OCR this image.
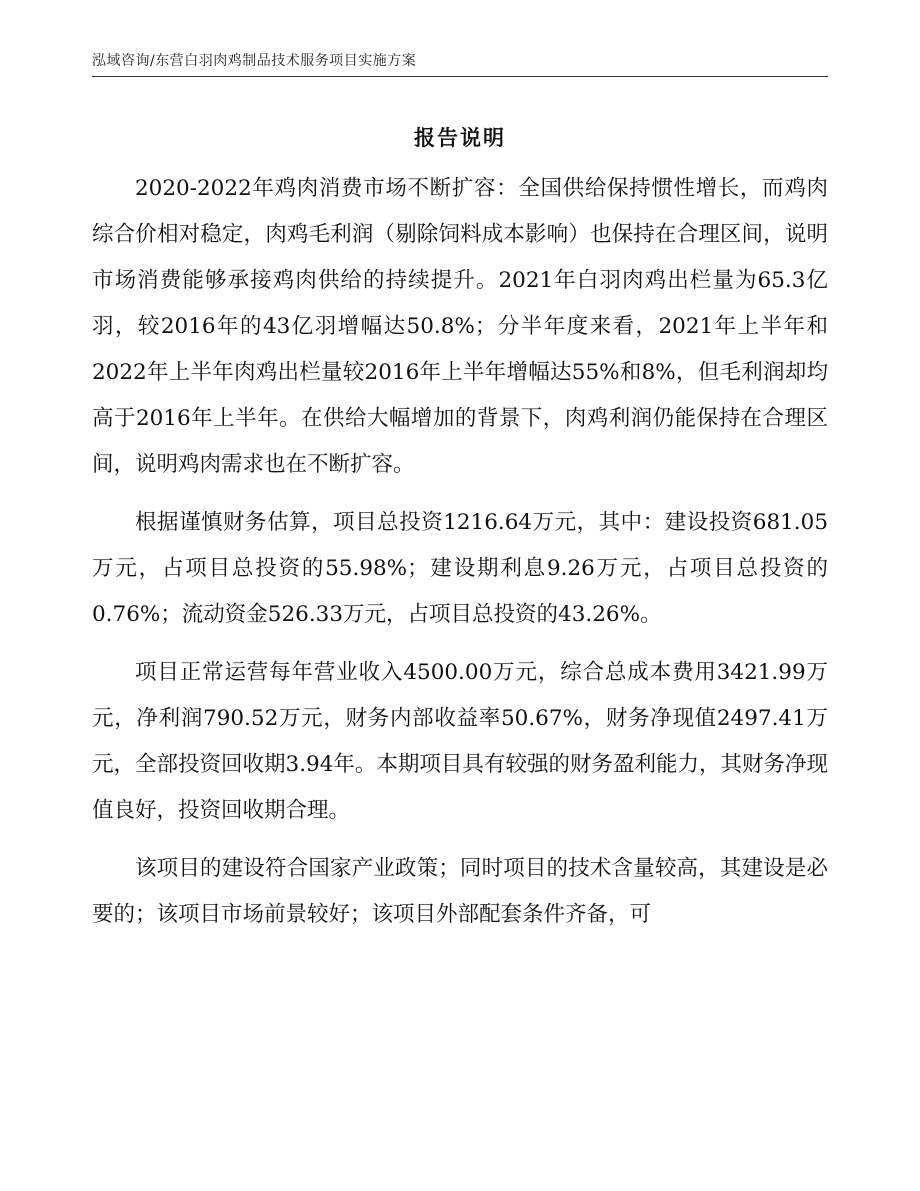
泓域咨询/东营白羽肉鸡制品技术服务项目实施方案
报告说明

2020-2022年鸡肉消费市场不断扩容：全国供给保持惯性增长，而鸡肉综合价相对稳定，肉鸡毛利润（剔除饲料成本影响）也保持在合理区间，说明市场消费能够承接鸡肉供给的持续提升。2021年白羽肉鸡出栏量为65.3亿羽，较2016年的43亿羽增幅达50.8%；分半年度来看，2021年上半年和2022年上半年肉鸡出栏量较2016年上半年增幅达55%和8%，但毛利润却均高于2016年上半年。在供给大幅增加的背景下，肉鸡利润仍能保持在合理区间，说明鸡肉需求也在不断扩容。

根据谨慎财务估算，项目总投资1216.64万元，其中：建设投资681.05万元，占项目总投资的55.98%；建设期利息9.26万元，占项目总投资的0.76%；流动资金526.33万元，占项目总投资的43.26%。

项目正常运营每年营业收入4500.00万元，综合总成本费用3421.99万元，净利润790.52万元，财务内部收益率50.67%，财务净现值2497.41万元，全部投资回收期3.94年。本期项目具有较强的财务盈利能力，其财务净现值良好，投资回收期合理。

该项目的建设符合国家产业政策；同时项目的技术含量较高，其建设是必要的；该项目市场前景较好；该项目外部配套条件齐备，可
